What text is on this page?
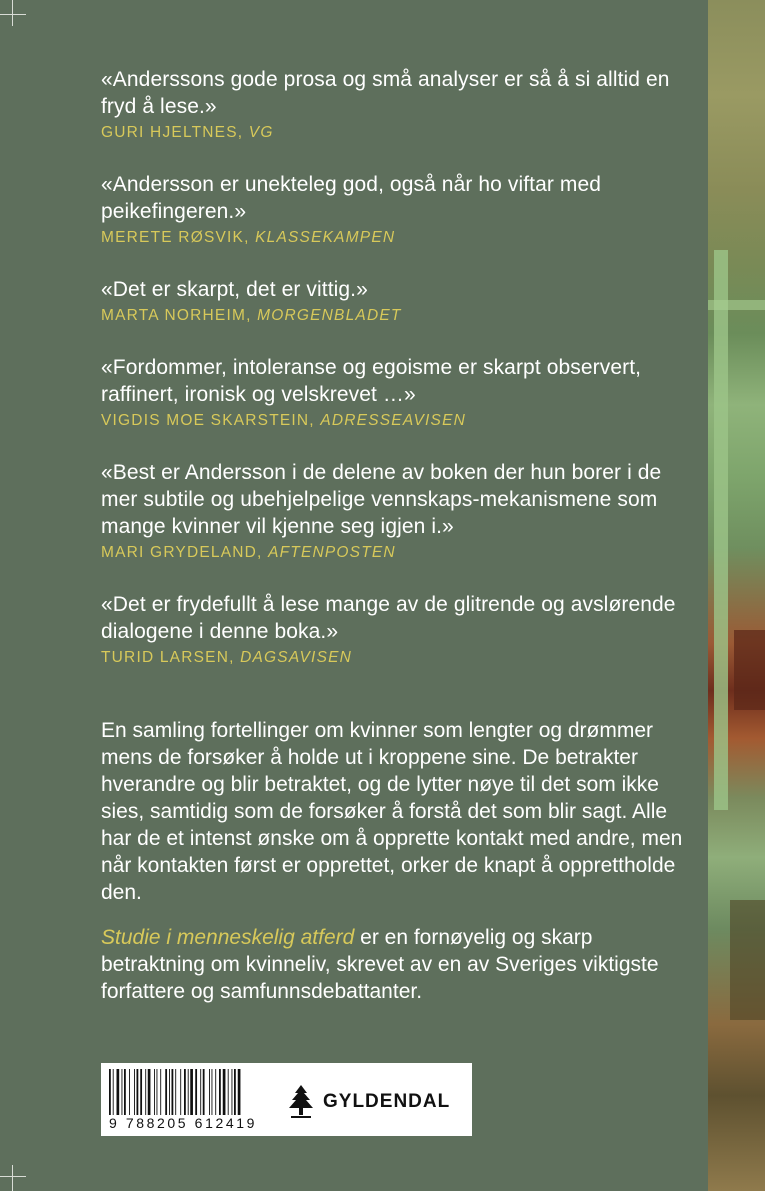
«Anderssons gode prosa og små analyser er så å si alltid en fryd å lese.»

GURI HJELTNES, VG

«Andersson er unekteleg god, også når ho viftar med peikefingeren.»

MERETE RØSVIK, KLASSEKAMPEN

«Det er skarpt, det er vittig.»

MARTA NORHEIM, MORGENBLADET

«Fordommer, intoleranse og egoisme er skarpt observert, raffinert, ironisk og velskrevet …»

VIGDIS MOE SKARSTEIN, ADRESSEAVISEN

«Best er Andersson i de delene av boken der hun borer i de mer subtile og ubehjelpelige vennskaps-mekanismene som mange kvinner vil kjenne seg igjen i.»

MARI GRYDELAND, AFTENPOSTEN

«Det er frydefullt å lese mange av de glitrende og avslørende dialogene i denne boka.»

TURID LARSEN, DAGSAVISEN

En samling fortellinger om kvinner som lengter og drømmer mens de forsøker å holde ut i kroppene sine. De betrakter hverandre og blir betraktet, og de lytter nøye til det som ikke sies, samtidig som de forsøker å forstå det som blir sagt. Alle har de et intenst ønske om å opprette kontakt med andre, men når kontakten først er opprettet, orker de knapt å opprettholde den.

Studie i menneskelig atferd er en fornøyelig og skarp betraktning om kvinneliv, skrevet av en av Sveriges viktigste forfattere og samfunnsdebattanter.

9 788205 612419
GYLDENDAL
